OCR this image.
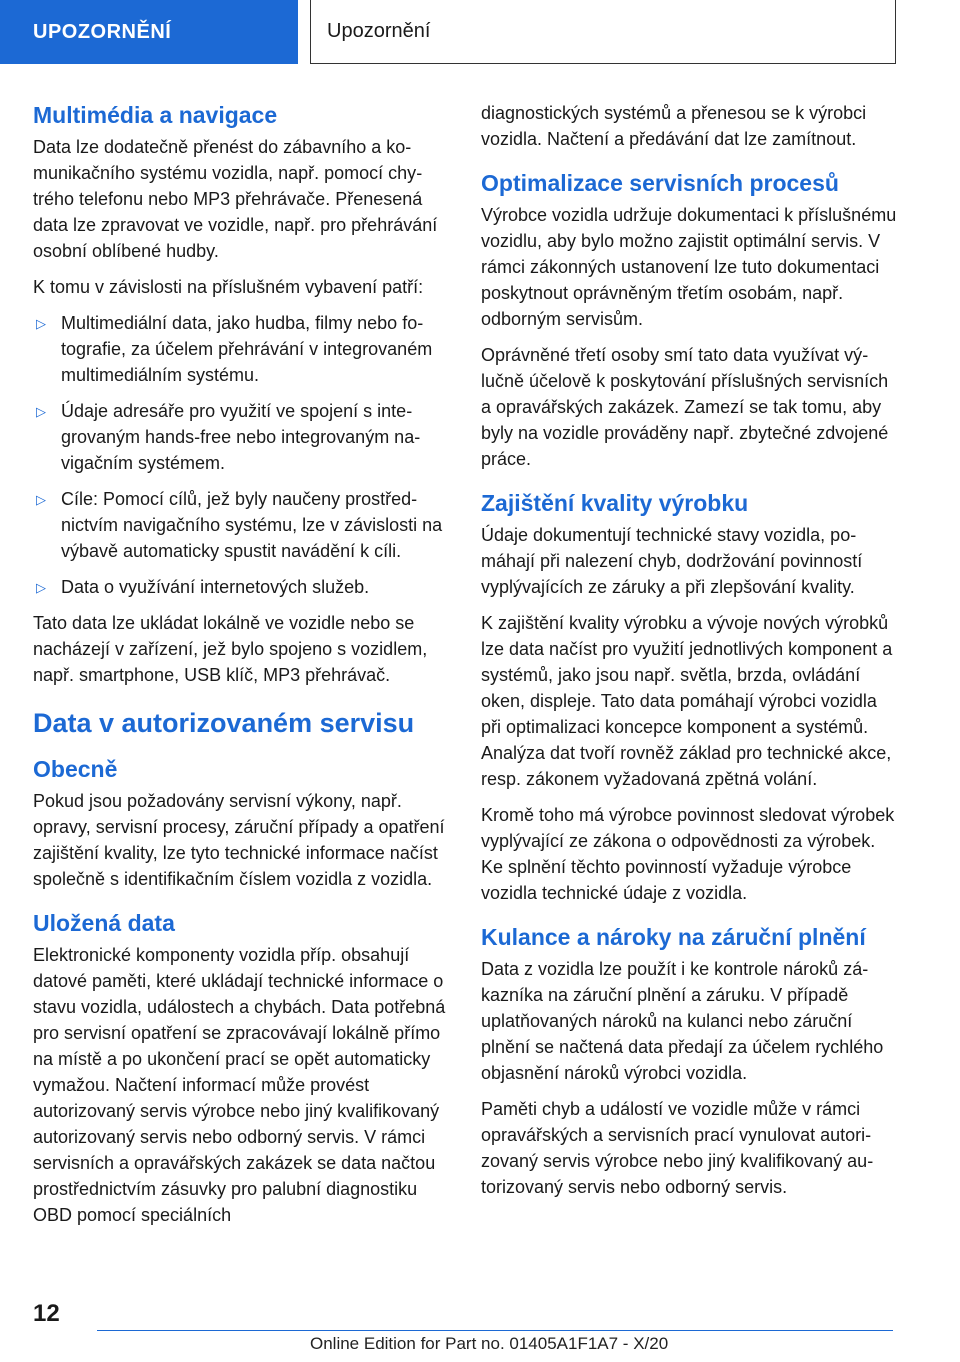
UPOZORNĚNÍ	Upozornění
Multimédia a navigace

Data lze dodatečně přenést do zábavního a komunikačního systému vozidla, např. pomocí chytrého telefonu nebo MP3 přehrávače. Přenesená data lze zpravovat ve vozidle, např. pro přehrávání osobní oblíbené hudby.

K tomu v závislosti na příslušném vybavení patří:

▷ Multimediální data, jako hudba, filmy nebo fotografie, za účelem přehrávání v integrovaném multimediálním systému.
▷ Údaje adresáře pro využití ve spojení s integrovaným hands-free nebo integrovaným navigačním systémem.
▷ Cíle: Pomocí cílů, jež byly naučeny prostřednictvím navigačního systému, lze v závislosti na výbavě automaticky spustit navádění k cíli.
▷ Data o využívání internetových služeb.

Tato data lze ukládat lokálně ve vozidle nebo se nacházejí v zařízení, jež bylo spojeno s vozidlem, např. smartphone, USB klíč, MP3 přehrávač.

Data v autorizovaném servisu
Obecně

Pokud jsou požadovány servisní výkony, např. opravy, servisní procesy, záruční případy a opatření zajištění kvality, lze tyto technické informace načíst společně s identifikačním číslem vozidla z vozidla.

Uložená data

Elektronické komponenty vozidla příp. obsahují datové paměti, které ukládají technické informace o stavu vozidla, událostech a chybách. Data potřebná pro servisní opatření se zpracovávají lokálně přímo na místě a po ukončení prací se opět automaticky vymažou. Načtení informací může provést autorizovaný servis výrobce nebo jiný kvalifikovaný autorizovaný servis nebo odborný servis. V rámci servisních a opravářských zakázek se data načtou prostřednictvím zásuvky pro palubní diagnostiku OBD pomocí speciálních

diagnostických systémů a přenesou se k výrobci vozidla. Načtení a předávání dat lze zamítnout.

Optimalizace servisních procesů

Výrobce vozidla udržuje dokumentaci k příslušnému vozidlu, aby bylo možno zajistit optimální servis. V rámci zákonných ustanovení lze tuto dokumentaci poskytnout oprávněným třetím osobám, např. odborným servisům.

Oprávněné třetí osoby smí tato data využívat výlučně účelově k poskytování příslušných servisních a opravářských zakázek. Zamezí se tak tomu, aby byly na vozidle prováděny např. zbytečné zdvojené práce.

Zajištění kvality výrobku

Údaje dokumentují technické stavy vozidla, pomáhají při nalezení chyb, dodržování povinností vyplývajících ze záruky a při zlepšování kvality.

K zajištění kvality výrobku a vývoje nových výrobků lze data načíst pro využití jednotlivých komponent a systémů, jako jsou např. světla, brzda, ovládání oken, displeje. Tato data pomáhají výrobci vozidla při optimalizaci koncepce komponent a systémů. Analýza dat tvoří rovněž základ pro technické akce, resp. zákonem vyžadovaná zpětná volání.

Kromě toho má výrobce povinnost sledovat výrobek vyplývající ze zákona o odpovědnosti za výrobek. Ke splnění těchto povinností vyžaduje výrobce vozidla technické údaje z vozidla.

Kulance a nároky na záruční plnění

Data z vozidla lze použít i ke kontrole nároků zákazníka na záruční plnění a záruku. V případě uplatňovaných nároků na kulanci nebo záruční plnění se načtená data předají za účelem rychlého objasnění nároků výrobci vozidla.

Paměti chyb a událostí ve vozidle může v rámci opravářských a servisních prací vynulovat autorizovaný servis výrobce nebo jiný kvalifikovaný autorizovaný servis nebo odborný servis.

12
Online Edition for Part no. 01405A1F1A7 - X/20
